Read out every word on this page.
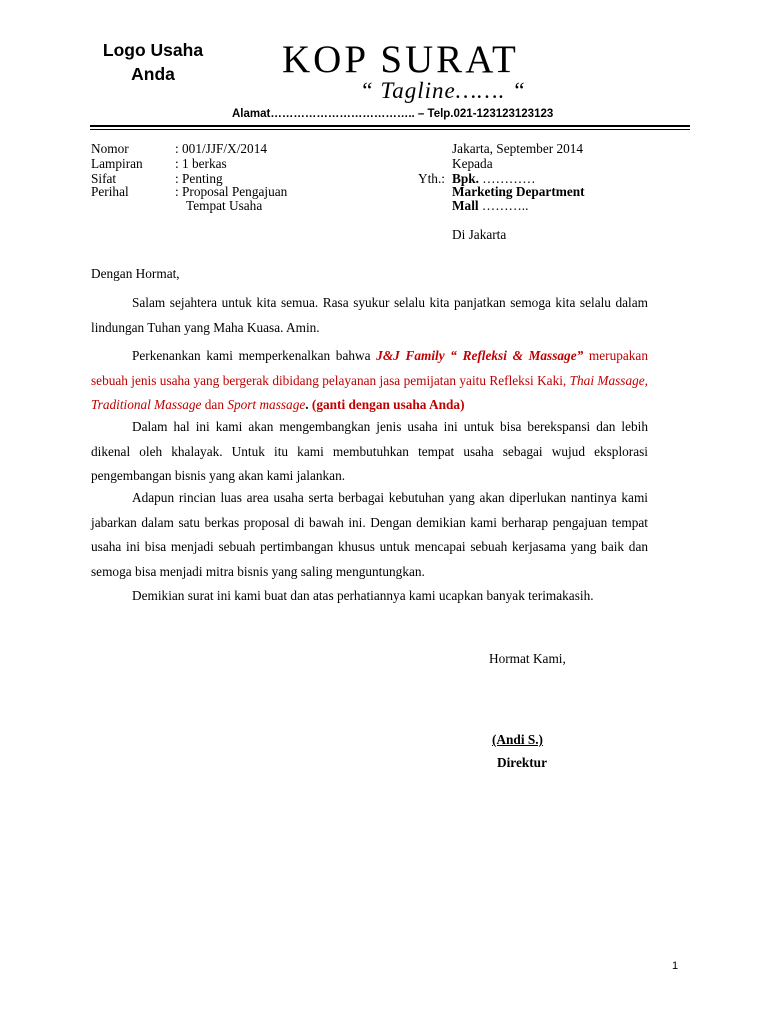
Logo Usaha
Anda	KOP SURAT
“ Tagline……. “
Alamat……………………………….. – Telp.021-123123123123
Nomor	: 001/JJF/X/2014
Lampiran : 1 berkas
Sifat	: Penting
Perihal	: Proposal Pengajuan
Tempat Usaha
Jakarta, September 2014
Kepada
Yth.: Bpk. …………
Marketing Department
Mall ………..
Di Jakarta
Dengan Hormat,
Salam sejahtera untuk kita semua. Rasa syukur selalu kita panjatkan semoga kita selalu dalam lindungan Tuhan yang Maha Kuasa. Amin.
Perkenankan kami memperkenalkan bahwa J&J Family “ Refleksi & Massage” merupakan sebuah jenis usaha yang bergerak dibidang pelayanan jasa pemijatan yaitu Refleksi Kaki, Thai Massage, Traditional Massage dan Sport massage. (ganti dengan usaha Anda)
Dalam hal ini kami akan mengembangkan jenis usaha ini untuk bisa berekspansi dan lebih dikenal oleh khalayak. Untuk itu kami membutuhkan tempat usaha sebagai wujud eksplorasi pengembangan bisnis yang akan kami jalankan.
Adapun rincian luas area usaha serta berbagai kebutuhan yang akan diperlukan nantinya kami jabarkan dalam satu berkas proposal di bawah ini. Dengan demikian kami berharap pengajuan tempat usaha ini bisa menjadi sebuah pertimbangan khusus untuk mencapai sebuah kerjasama yang baik dan semoga bisa menjadi mitra bisnis yang saling menguntungkan.
Demikian surat ini kami buat dan atas perhatiannya kami ucapkan banyak terimakasih.
Hormat Kami,
(Andi S.)
Direktur
1
